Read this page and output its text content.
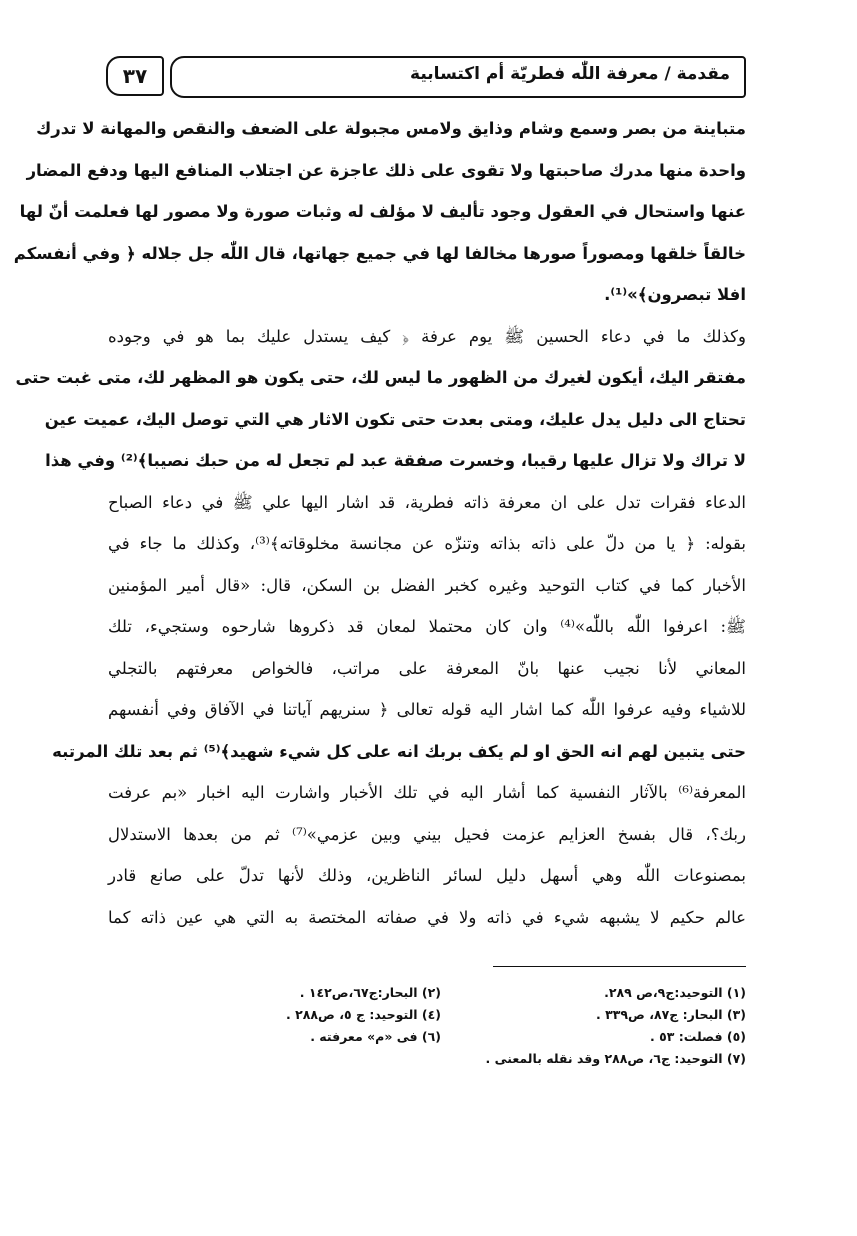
٣٧	مقدمة / معرفة اللّٰه فطريّة أم اكتسابية
متباينة من بصر وسمع وشام وذايق ولامس مجبولة على الضعف والنقص والمهانة لا تدرك
واحدة منها مدرك صاحبتها ولا تقوى على ذلك عاجزة عن اجتلاب المنافع اليها ودفع المضار
عنها واستحال في العقول وجود تأليف لا مؤلف له وثبات صورة ولا مصور لها فعلمت أنّ لها
خالقاً خلقها ومصوراً صورها مخالفا لها في جميع جهاتها، قال اللّٰه جل جلاله ﴿ وفي أنفسكم
افلا تبصرون﴾»⁽¹⁾.
وكذلك ما في دعاء الحسين ﷺ يوم عرفة ﴿ كيف يستدل عليك بما هو في وجوده
مفتقر اليك، أيكون لغيرك من الظهور ما ليس لك، حتى يكون هو المظهر لك، متى غبت حتى
تحتاج الى دليل يدل عليك، ومتى بعدت حتى تكون الاثار هي التي توصل اليك، عميت عين
لا تراك ولا تزال عليها رقيبا، وخسرت صفقة عبد لم تجعل له من حبك نصيبا﴾⁽²⁾ وفي هذا
الدعاء فقرات تدل على ان معرفة ذاته فطرية، قد اشار اليها علي ﷺ في دعاء الصباح
بقوله: ﴿ يا من دلّ على ذاته بذاته وتنزّه عن مجانسة مخلوقاته﴾⁽³⁾، وكذلك ما جاء في
الأخبار كما في كتاب التوحيد وغيره كخبر الفضل بن السكن، قال: «قال أمير المؤمنين
ﷺ: اعرفوا اللّٰه باللّٰه»⁽⁴⁾ وان كان محتملا لمعان قد ذكروها شارحوه وستجيء، تلك
المعاني لأنا نجيب عنها بانّ المعرفة على مراتب، فالخواص معرفتهم بالتجلي
للاشياء وفيه عرفوا اللّٰه كما اشار اليه قوله تعالى ﴿ سنريهم آياتنا في الآفاق وفي أنفسهم
حتى يتبين لهم انه الحق او لم يكف بربك انه على كل شيء شهيد﴾⁽⁵⁾ ثم بعد تلك المرتبه
المعرفة⁽⁶⁾ بالآثار النفسية كما أشار اليه في تلك الأخبار واشارت اليه اخبار «بم عرفت
ربك؟، قال بفسخ العزايم عزمت فحيل بيني وبين عزمي»⁽⁷⁾ ثم من بعدها الاستدلال
بمصنوعات اللّٰه وهي أسهل دليل لسائر الناظرين، وذلك لأنها تدلّ على صانع قادر
عالم حكيم لا يشبهه شيء في ذاته ولا في صفاته المختصة به التي هي عين ذاته كما
(١) التوحيد:ج٩،ص ٢٨٩.
(٢) البحار:ج٦٧،ص١٤٢ .
(٣) البحار: ج٨٧، ص٣٣٩ .
(٤) التوحيد: ج ٥، ص٢٨٨ .
(٥) فصلت: ٥٣ .
(٦) فى «م» معرفته .
(٧) التوحيد: ج٦، ص٢٨٨ وقد نقله بالمعنى .
